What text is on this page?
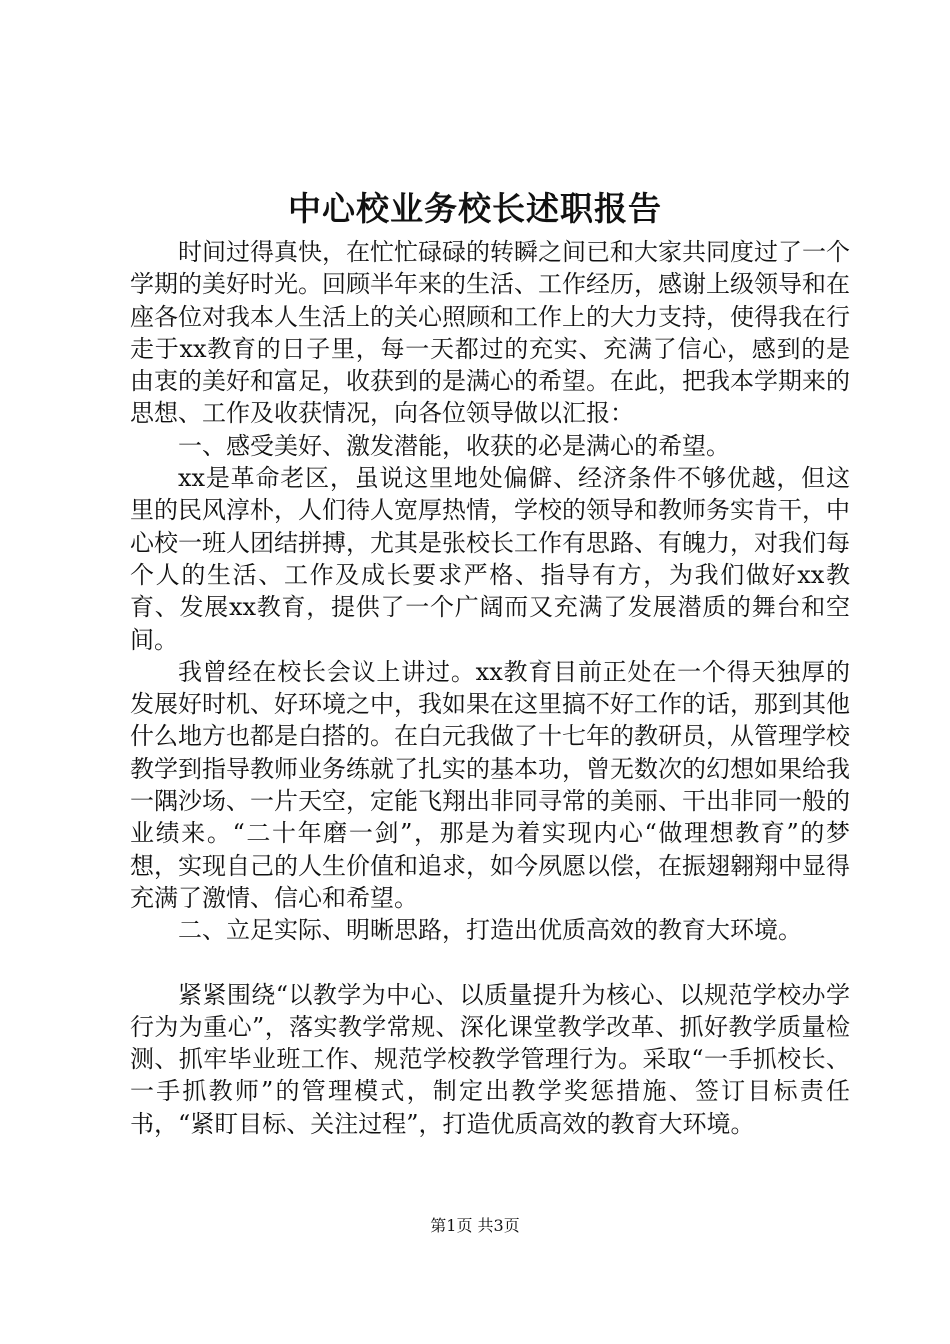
中心校业务校长述职报告

时间过得真快，在忙忙碌碌的转瞬之间已和大家共同度过了一个学期的美好时光。回顾半年来的生活、工作经历，感谢上级领导和在座各位对我本人生活上的关心照顾和工作上的大力支持，使得我在行走于xx教育的日子里，每一天都过的充实、充满了信心，感到的是由衷的美好和富足，收获到的是满心的希望。在此，把我本学期来的思想、工作及收获情况，向各位领导做以汇报：

一、感受美好、激发潜能，收获的必是满心的希望。

xx是革命老区，虽说这里地处偏僻、经济条件不够优越，但这里的民风淳朴，人们待人宽厚热情，学校的领导和教师务实肯干，中心校一班人团结拼搏，尤其是张校长工作有思路、有魄力，对我们每个人的生活、工作及成长要求严格、指导有方，为我们做好xx教育、发展xx教育，提供了一个广阔而又充满了发展潜质的舞台和空间。

我曾经在校长会议上讲过。xx教育目前正处在一个得天独厚的发展好时机、好环境之中，我如果在这里搞不好工作的话，那到其他什么地方也都是白搭的。在白元我做了十七年的教研员，从管理学校教学到指导教师业务练就了扎实的基本功，曾无数次的幻想如果给我一隅沙场、一片天空，定能飞翔出非同寻常的美丽、干出非同一般的业绩来。“二十年磨一剑”，那是为着实现内心“做理想教育”的梦想，实现自己的人生价值和追求，如今夙愿以偿，在振翅翱翔中显得充满了激情、信心和希望。

二、立足实际、明晰思路，打造出优质高效的教育大环境。

紧紧围绕“以教学为中心、以质量提升为核心、以规范学校办学行为为重心”，落实教学常规、深化课堂教学改革、抓好教学质量检测、抓牢毕业班工作、规范学校教学管理行为。采取“一手抓校长、一手抓教师”的管理模式，制定出教学奖惩措施、签订目标责任书，“紧盯目标、关注过程”，打造优质高效的教育大环境。

第1页 共3页
